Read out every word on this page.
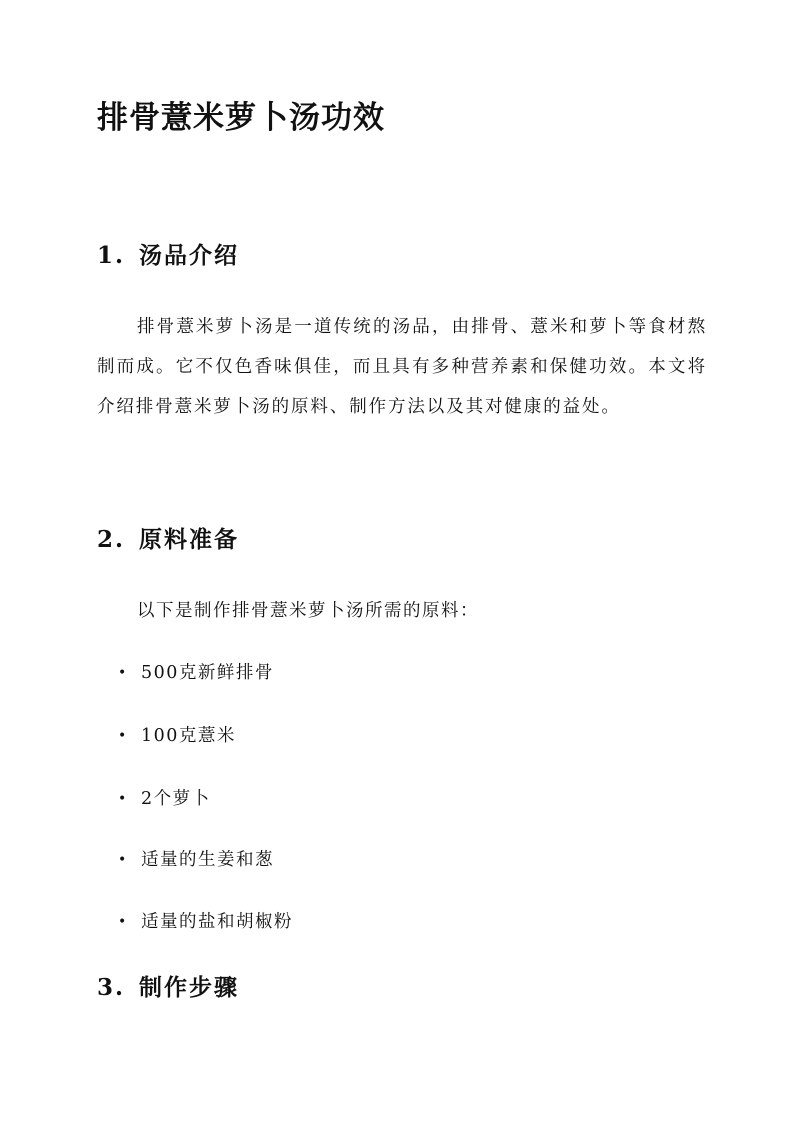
排骨薏米萝卜汤功效
1. 汤品介绍

排骨薏米萝卜汤是一道传统的汤品，由排骨、薏米和萝卜等食材熬制而成。它不仅色香味俱佳，而且具有多种营养素和保健功效。本文将介绍排骨薏米萝卜汤的原料、制作方法以及其对健康的益处。

2. 原料准备

以下是制作排骨薏米萝卜汤所需的原料：

• 500克新鲜排骨
• 100克薏米
• 2个萝卜
• 适量的生姜和葱
• 适量的盐和胡椒粉
3. 制作步骤
